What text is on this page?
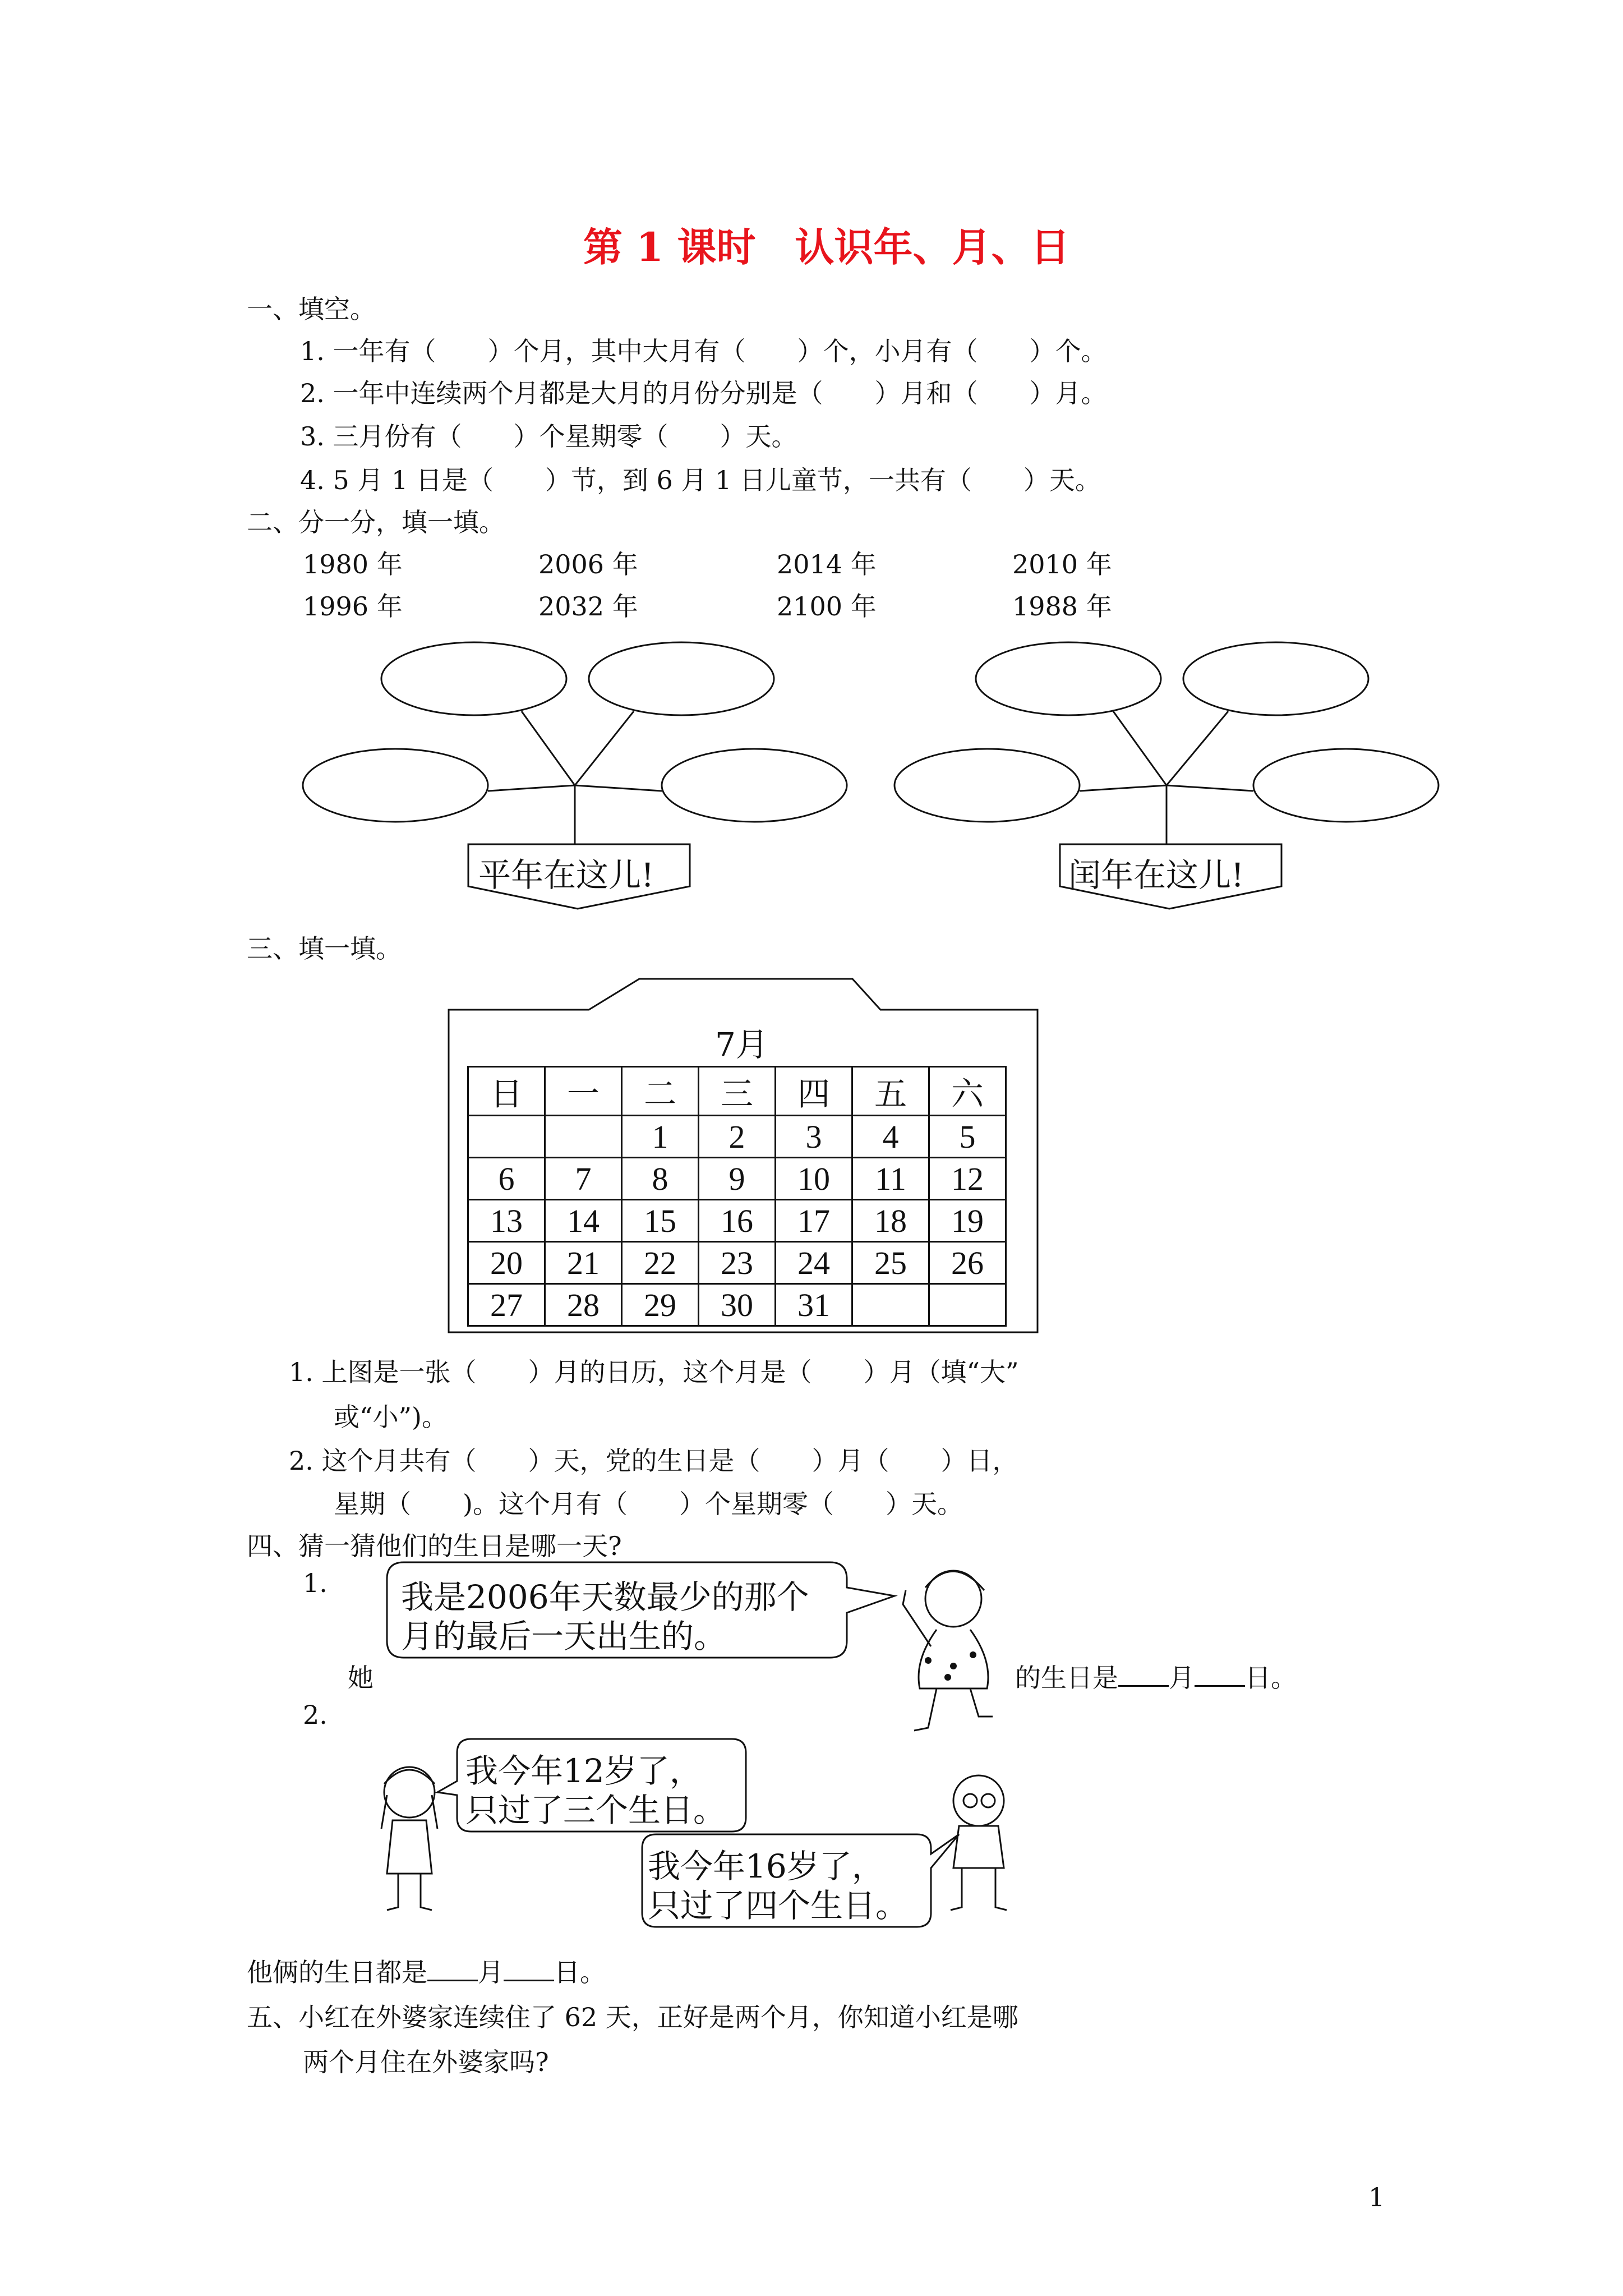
第 1 课时　认识年、月、日
一、填空。
1. 一年有（　　）个月，其中大月有（　　）个，小月有（　　）个。
2. 一年中连续两个月都是大月的月份分别是（　　）月和（　　）月。
3. 三月份有（　　）个星期零（　　）天。
4. 5 月 1 日是（　　）节，到 6 月 1 日儿童节，一共有（　　）天。
二、分一分，填一填。
1980 年	2006 年	2014 年	2010 年
1996 年	2032 年	2100 年	1988 年
平年在这儿!	闰年在这儿!
三、填一填。
7月
日	一	二	三	四	五	六
		1	2	3	4	5
6	7	8	9	10	11	12
13	14	15	16	17	18	19
20	21	22	23	24	25	26
27	28	29	30	31		
1. 上图是一张（　　）月的日历，这个月是（　　）月（填“大”
或“小”)。
2. 这个月共有（　　）天，党的生日是（　　）月（　　）日，
星期（　　)。这个月有（　　）个星期零（　　）天。
四、猜一猜他们的生日是哪一天?
1. 我是2006年天数最少的那个
月的最后一天出生的。
她	的生日是 月 日。
2.
我今年12岁了，
只过了三个生日。
我今年16岁了，
只过了四个生日。
他俩的生日都是 月 日。
五、小红在外婆家连续住了 62 天，正好是两个月，你知道小红是哪
两个月住在外婆家吗?
1
